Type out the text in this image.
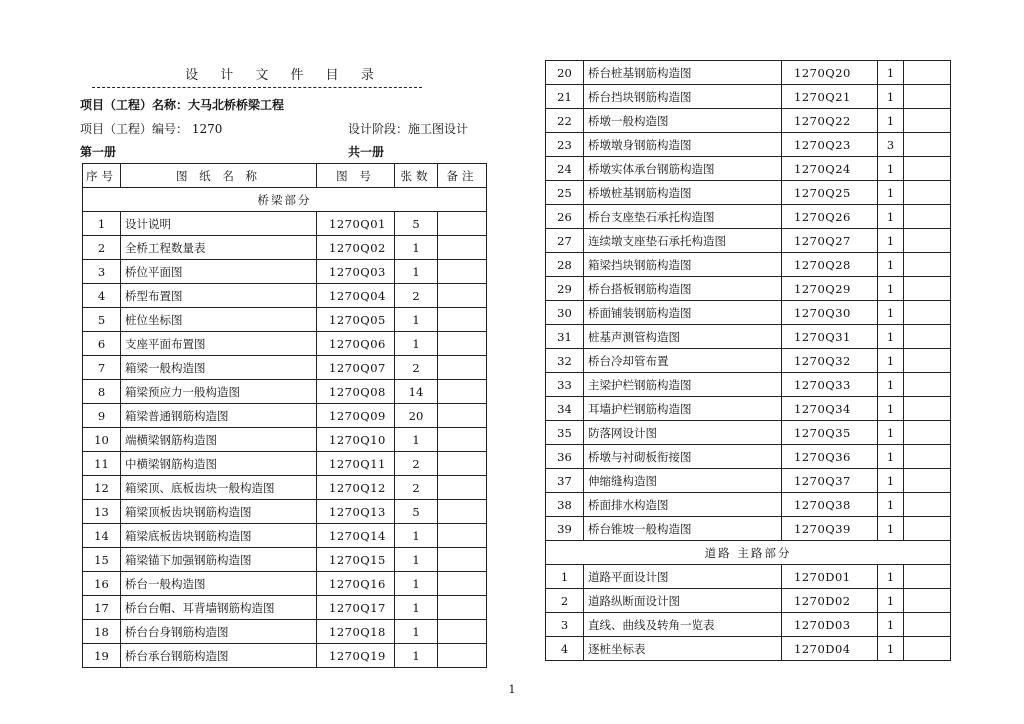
设 计 文 件 目 录
项目（工程）名称：大马北桥桥梁工程
项目（工程）编号： 1270	设计阶段：施工图设计
第一册	共一册
序号	图 纸 名 称	图 号	张数	备注
桥梁部分				
1	设计说明	1270Q01	5	
2	全桥工程数量表	1270Q02	1	
3	桥位平面图	1270Q03	1	
4	桥型布置图	1270Q04	2	
5	桩位坐标图	1270Q05	1	
6	支座平面布置图	1270Q06	1	
7	箱梁一般构造图	1270Q07	2	
8	箱梁预应力一般构造图	1270Q08	14	
9	箱梁普通钢筋构造图	1270Q09	20	
10	端横梁钢筋构造图	1270Q10	1	
11	中横梁钢筋构造图	1270Q11	2	
12	箱梁顶、底板齿块一般构造图	1270Q12	2	
13	箱梁顶板齿块钢筋构造图	1270Q13	5	
14	箱梁底板齿块钢筋构造图	1270Q14	1	
15	箱梁锚下加强钢筋构造图	1270Q15	1	
16	桥台一般构造图	1270Q16	1	
17	桥台台帽、耳背墙钢筋构造图	1270Q17	1	
18	桥台台身钢筋构造图	1270Q18	1	
19	桥台承台钢筋构造图	1270Q19	1	
20	桥台桩基钢筋构造图	1270Q20	1	
21	桥台挡块钢筋构造图	1270Q21	1	
22	桥墩一般构造图	1270Q22	1	
23	桥墩墩身钢筋构造图	1270Q23	3	
24	桥墩实体承台钢筋构造图	1270Q24	1	
25	桥墩桩基钢筋构造图	1270Q25	1	
26	桥台支座垫石承托构造图	1270Q26	1	
27	连续墩支座垫石承托构造图	1270Q27	1	
28	箱梁挡块钢筋构造图	1270Q28	1	
29	桥台搭板钢筋构造图	1270Q29	1	
30	桥面铺装钢筋构造图	1270Q30	1	
31	桩基声测管构造图	1270Q31	1	
32	桥台冷却管布置	1270Q32	1	
33	主梁护栏钢筋构造图	1270Q33	1	
34	耳墙护栏钢筋构造图	1270Q34	1	
35	防落网设计图	1270Q35	1	
36	桥墩与衬砌板衔接图	1270Q36	1	
37	伸缩缝构造图	1270Q37	1	
38	桥面排水构造图	1270Q38	1	
39	桥台锥坡一般构造图	1270Q39	1	
道路 主路部分				
1	道路平面设计图	1270D01	1	
2	道路纵断面设计图	1270D02	1	
3	直线、曲线及转角一览表	1270D03	1	
4	逐桩坐标表	1270D04	1	
1
